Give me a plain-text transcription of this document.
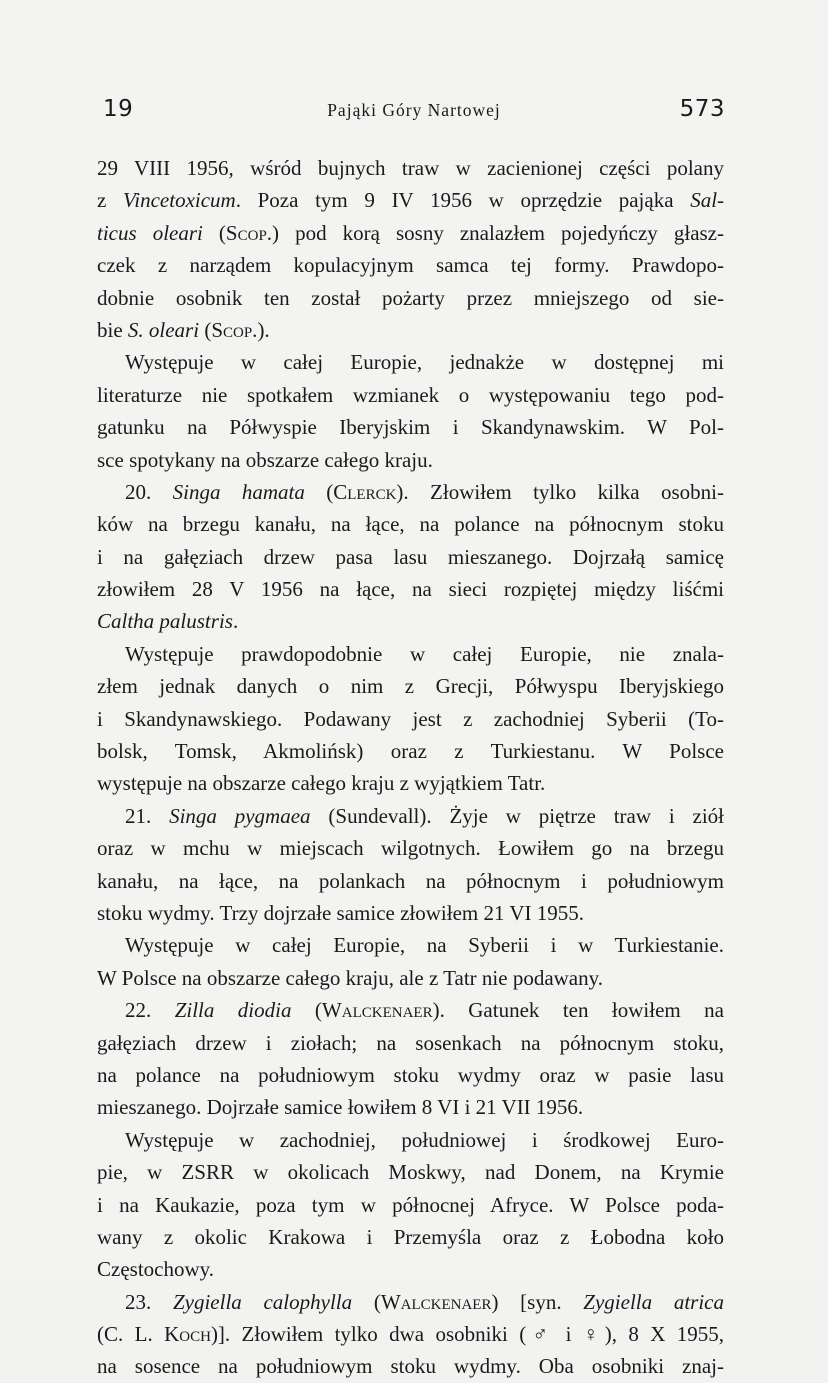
19	Pająki Góry Nartowej	573
29 VIII 1956, wśród bujnych traw w zacienionej części polany
z Vincetoxicum. Poza tym 9 IV 1956 w oprzędzie pająka Sal-
ticus oleari (Scop.) pod korą sosny znalazłem pojedyńczy głasz-
czek z narządem kopulacyjnym samca tej formy. Prawdopo-
dobnie osobnik ten został pożarty przez mniejszego od sie-
bie S. oleari (Scop.).
Występuje w całej Europie, jednakże w dostępnej mi
literaturze nie spotkałem wzmianek o występowaniu tego pod-
gatunku na Półwyspie Iberyjskim i Skandynawskim. W Pol-
sce spotykany na obszarze całego kraju.
20. Singa hamata (Clerck). Złowiłem tylko kilka osobni-
ków na brzegu kanału, na łące, na polance na północnym stoku
i na gałęziach drzew pasa lasu mieszanego. Dojrzałą samicę
złowiłem 28 V 1956 na łące, na sieci rozpiętej między liśćmi
Caltha palustris.
Występuje prawdopodobnie w całej Europie, nie znala-
złem jednak danych o nim z Grecji, Półwyspu Iberyjskiego
i Skandynawskiego. Podawany jest z zachodniej Syberii (To-
bolsk, Tomsk, Akmolińsk) oraz z Turkiestanu. W Polsce
występuje na obszarze całego kraju z wyjątkiem Tatr.
21. Singa pygmaea (Sundevall). Żyje w piętrze traw i ziół
oraz w mchu w miejscach wilgotnych. Łowiłem go na brzegu
kanału, na łące, na polankach na północnym i południowym
stoku wydmy. Trzy dojrzałe samice złowiłem 21 VI 1955.
Występuje w całej Europie, na Syberii i w Turkiestanie.
W Polsce na obszarze całego kraju, ale z Tatr nie podawany.
22. Zilla diodia (Walckenaer). Gatunek ten łowiłem na
gałęziach drzew i ziołach; na sosenkach na północnym stoku,
na polance na południowym stoku wydmy oraz w pasie lasu
mieszanego. Dojrzałe samice łowiłem 8 VI i 21 VII 1956.
Występuje w zachodniej, południowej i środkowej Euro-
pie, w ZSRR w okolicach Moskwy, nad Donem, na Krymie
i na Kaukazie, poza tym w północnej Afryce. W Polsce poda-
wany z okolic Krakowa i Przemyśla oraz z Łobodna koło
Częstochowy.
23. Zygiella calophylla (Walckenaer) [syn. Zygiella atrica
(C. L. Koch)]. Złowiłem tylko dwa osobniki (♂ i ♀), 8 X 1955,
na sosence na południowym stoku wydmy. Oba osobniki znaj-
